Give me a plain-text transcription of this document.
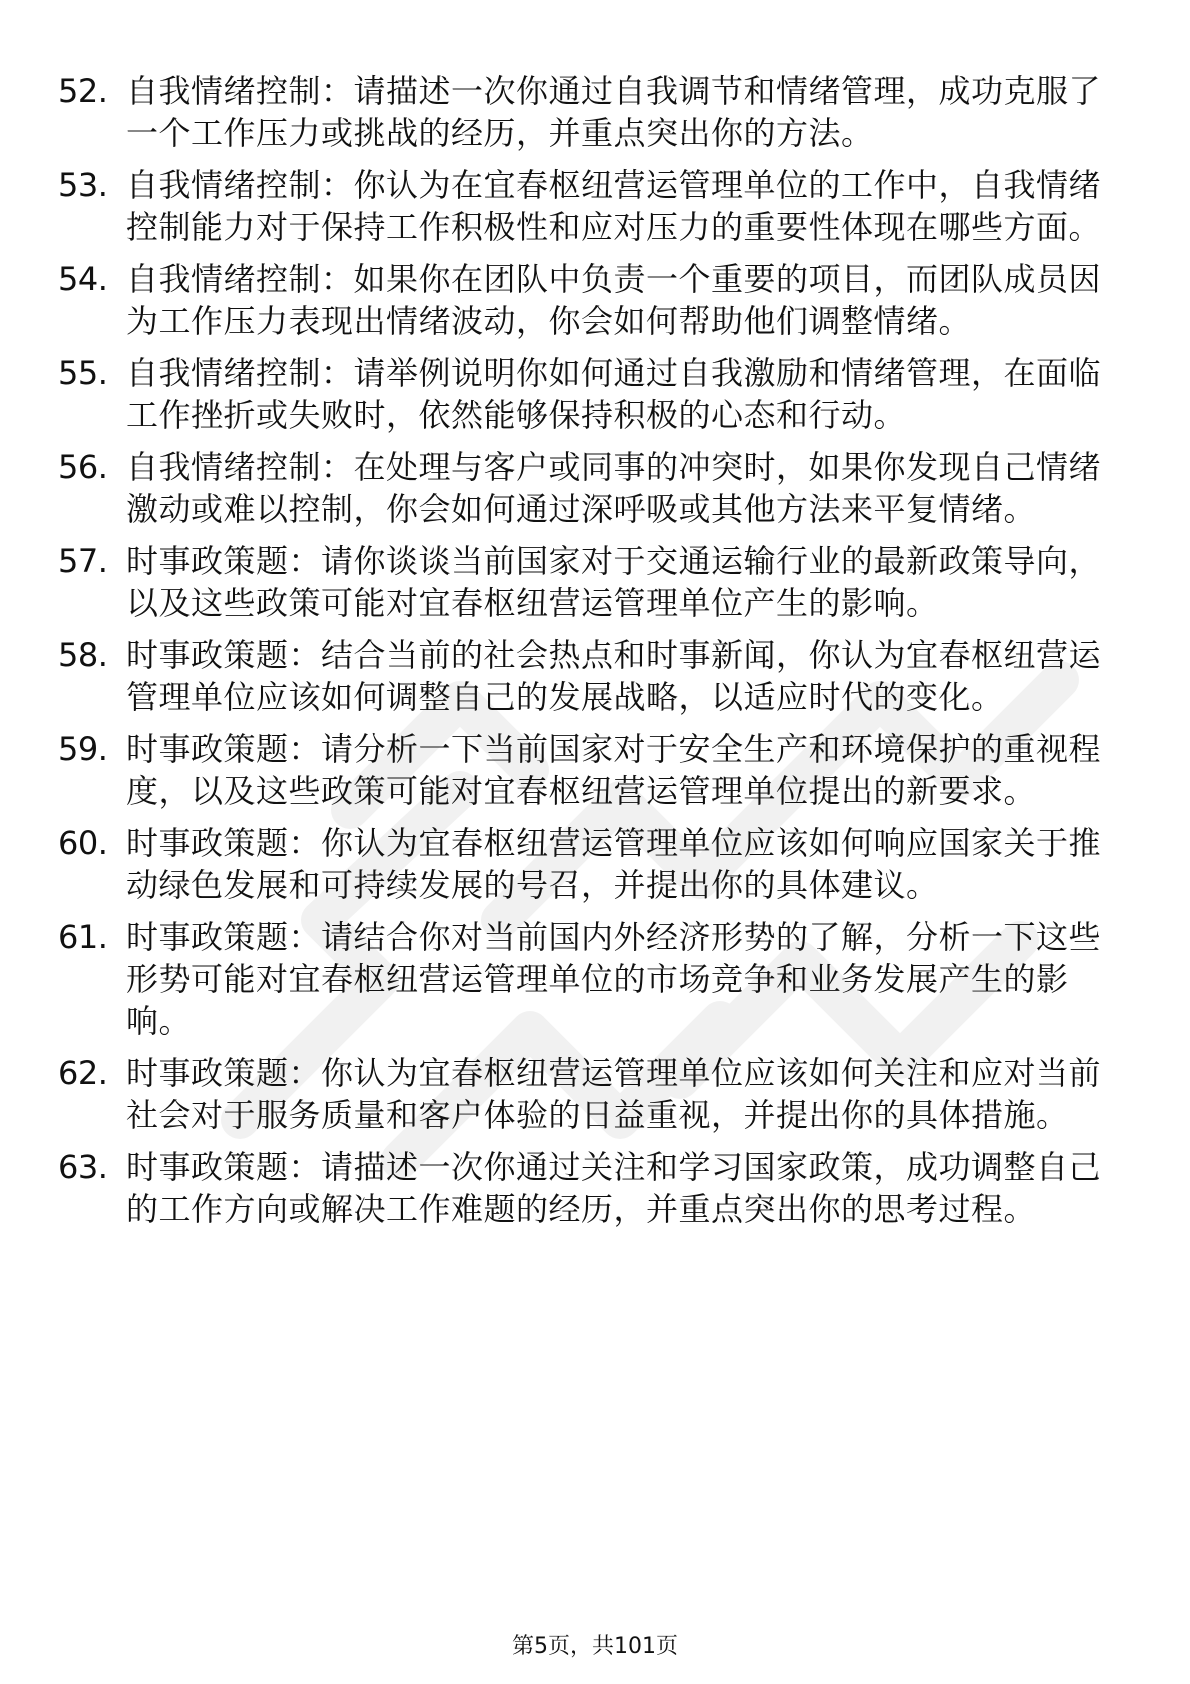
52. 自我情绪控制：请描述一次你通过自我调节和情绪管理，成功克服了一个工作压力或挑战的经历，并重点突出你的方法。
53. 自我情绪控制：你认为在宜春枢纽营运管理单位的工作中，自我情绪控制能力对于保持工作积极性和应对压力的重要性体现在哪些方面。
54. 自我情绪控制：如果你在团队中负责一个重要的项目，而团队成员因为工作压力表现出情绪波动，你会如何帮助他们调整情绪。
55. 自我情绪控制：请举例说明你如何通过自我激励和情绪管理，在面临工作挫折或失败时，依然能够保持积极的心态和行动。
56. 自我情绪控制：在处理与客户或同事的冲突时，如果你发现自己情绪激动或难以控制，你会如何通过深呼吸或其他方法来平复情绪。
57. 时事政策题：请你谈谈当前国家对于交通运输行业的最新政策导向，以及这些政策可能对宜春枢纽营运管理单位产生的影响。
58. 时事政策题：结合当前的社会热点和时事新闻，你认为宜春枢纽营运管理单位应该如何调整自己的发展战略，以适应时代的变化。
59. 时事政策题：请分析一下当前国家对于安全生产和环境保护的重视程度，以及这些政策可能对宜春枢纽营运管理单位提出的新要求。
60. 时事政策题：你认为宜春枢纽营运管理单位应该如何响应国家关于推动绿色发展和可持续发展的号召，并提出你的具体建议。
61. 时事政策题：请结合你对当前国内外经济形势的了解，分析一下这些形势可能对宜春枢纽营运管理单位的市场竞争和业务发展产生的影响。
62. 时事政策题：你认为宜春枢纽营运管理单位应该如何关注和应对当前社会对于服务质量和客户体验的日益重视，并提出你的具体措施。
63. 时事政策题：请描述一次你通过关注和学习国家政策，成功调整自己的工作方向或解决工作难题的经历，并重点突出你的思考过程。
第5页，共101页
